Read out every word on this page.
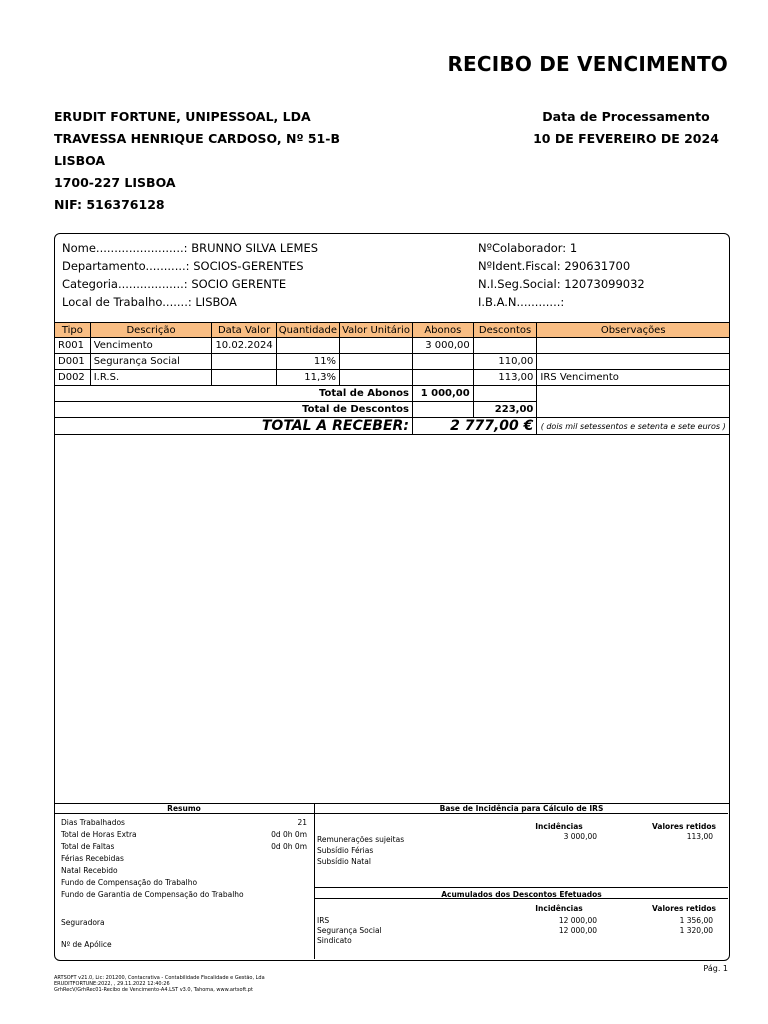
RECIBO DE VENCIMENTO
ERUDIT FORTUNE, UNIPESSOAL, LDA
TRAVESSA HENRIQUE CARDOSO, Nº 51-B
LISBOA
1700-227 LISBOA
NIF: 516376128
Data de Processamento
10 DE FEVEREIRO DE 2024
Nome........................: BRUNNO SILVA LEMES
Departamento...........: SOCIOS-GERENTES
Categoria..................: SOCIO GERENTE
Local de Trabalho.......: LISBOA
NºColaborador: 1
NºIdent.Fiscal: 290631700
N.I.Seg.Social: 12073099032
I.B.A.N............:
Tipo	Descrição	Data Valor	Quantidade	Valor Unitário	Abonos	Descontos	Observações
R001	Vencimento	10.02.2024			3 000,00		
D001	Segurança Social		11%			110,00	
D002	I.R.S.		11,3%			113,00	IRS Vencimento
Total de Abonos					1 000,00		
Total de Descontos						223,00	
TOTAL A RECEBER:					2 777,00 €		( dois mil setessentos e setenta e sete euros )
Resumo
Dias Trabalhados	21
Total de Horas Extra	0d 0h 0m
Total de Faltas	0d 0h 0m
Férias Recebidas
Natal Recebido
Fundo de Compensação do Trabalho
Fundo de Garantia de Compensação do Trabalho
Seguradora
Nº de Apólice
Base de Incidência para Cálculo de IRS
Incidências	Valores retidos
Remunerações sujeitas	3 000,00	113,00
Subsídio Férias
Subsídio Natal
Acumulados dos Descontos Efetuados
Incidências	Valores retidos
IRS	12 000,00	1 356,00
Segurança Social	12 000,00	1 320,00
Sindicato
Pág. 1
ARTSOFT v21.0, Lic: 201200, Contacrativa - Contabilidade Fiscalidade e Gestão, Lda
ERUDITFORTUNE:2022, , 29.11.2022 12:40:26
GrhRecV/GrhRec01-Recibo de Vencimento-A4.LST v3.0, Tahoma, www.artsoft.pt
